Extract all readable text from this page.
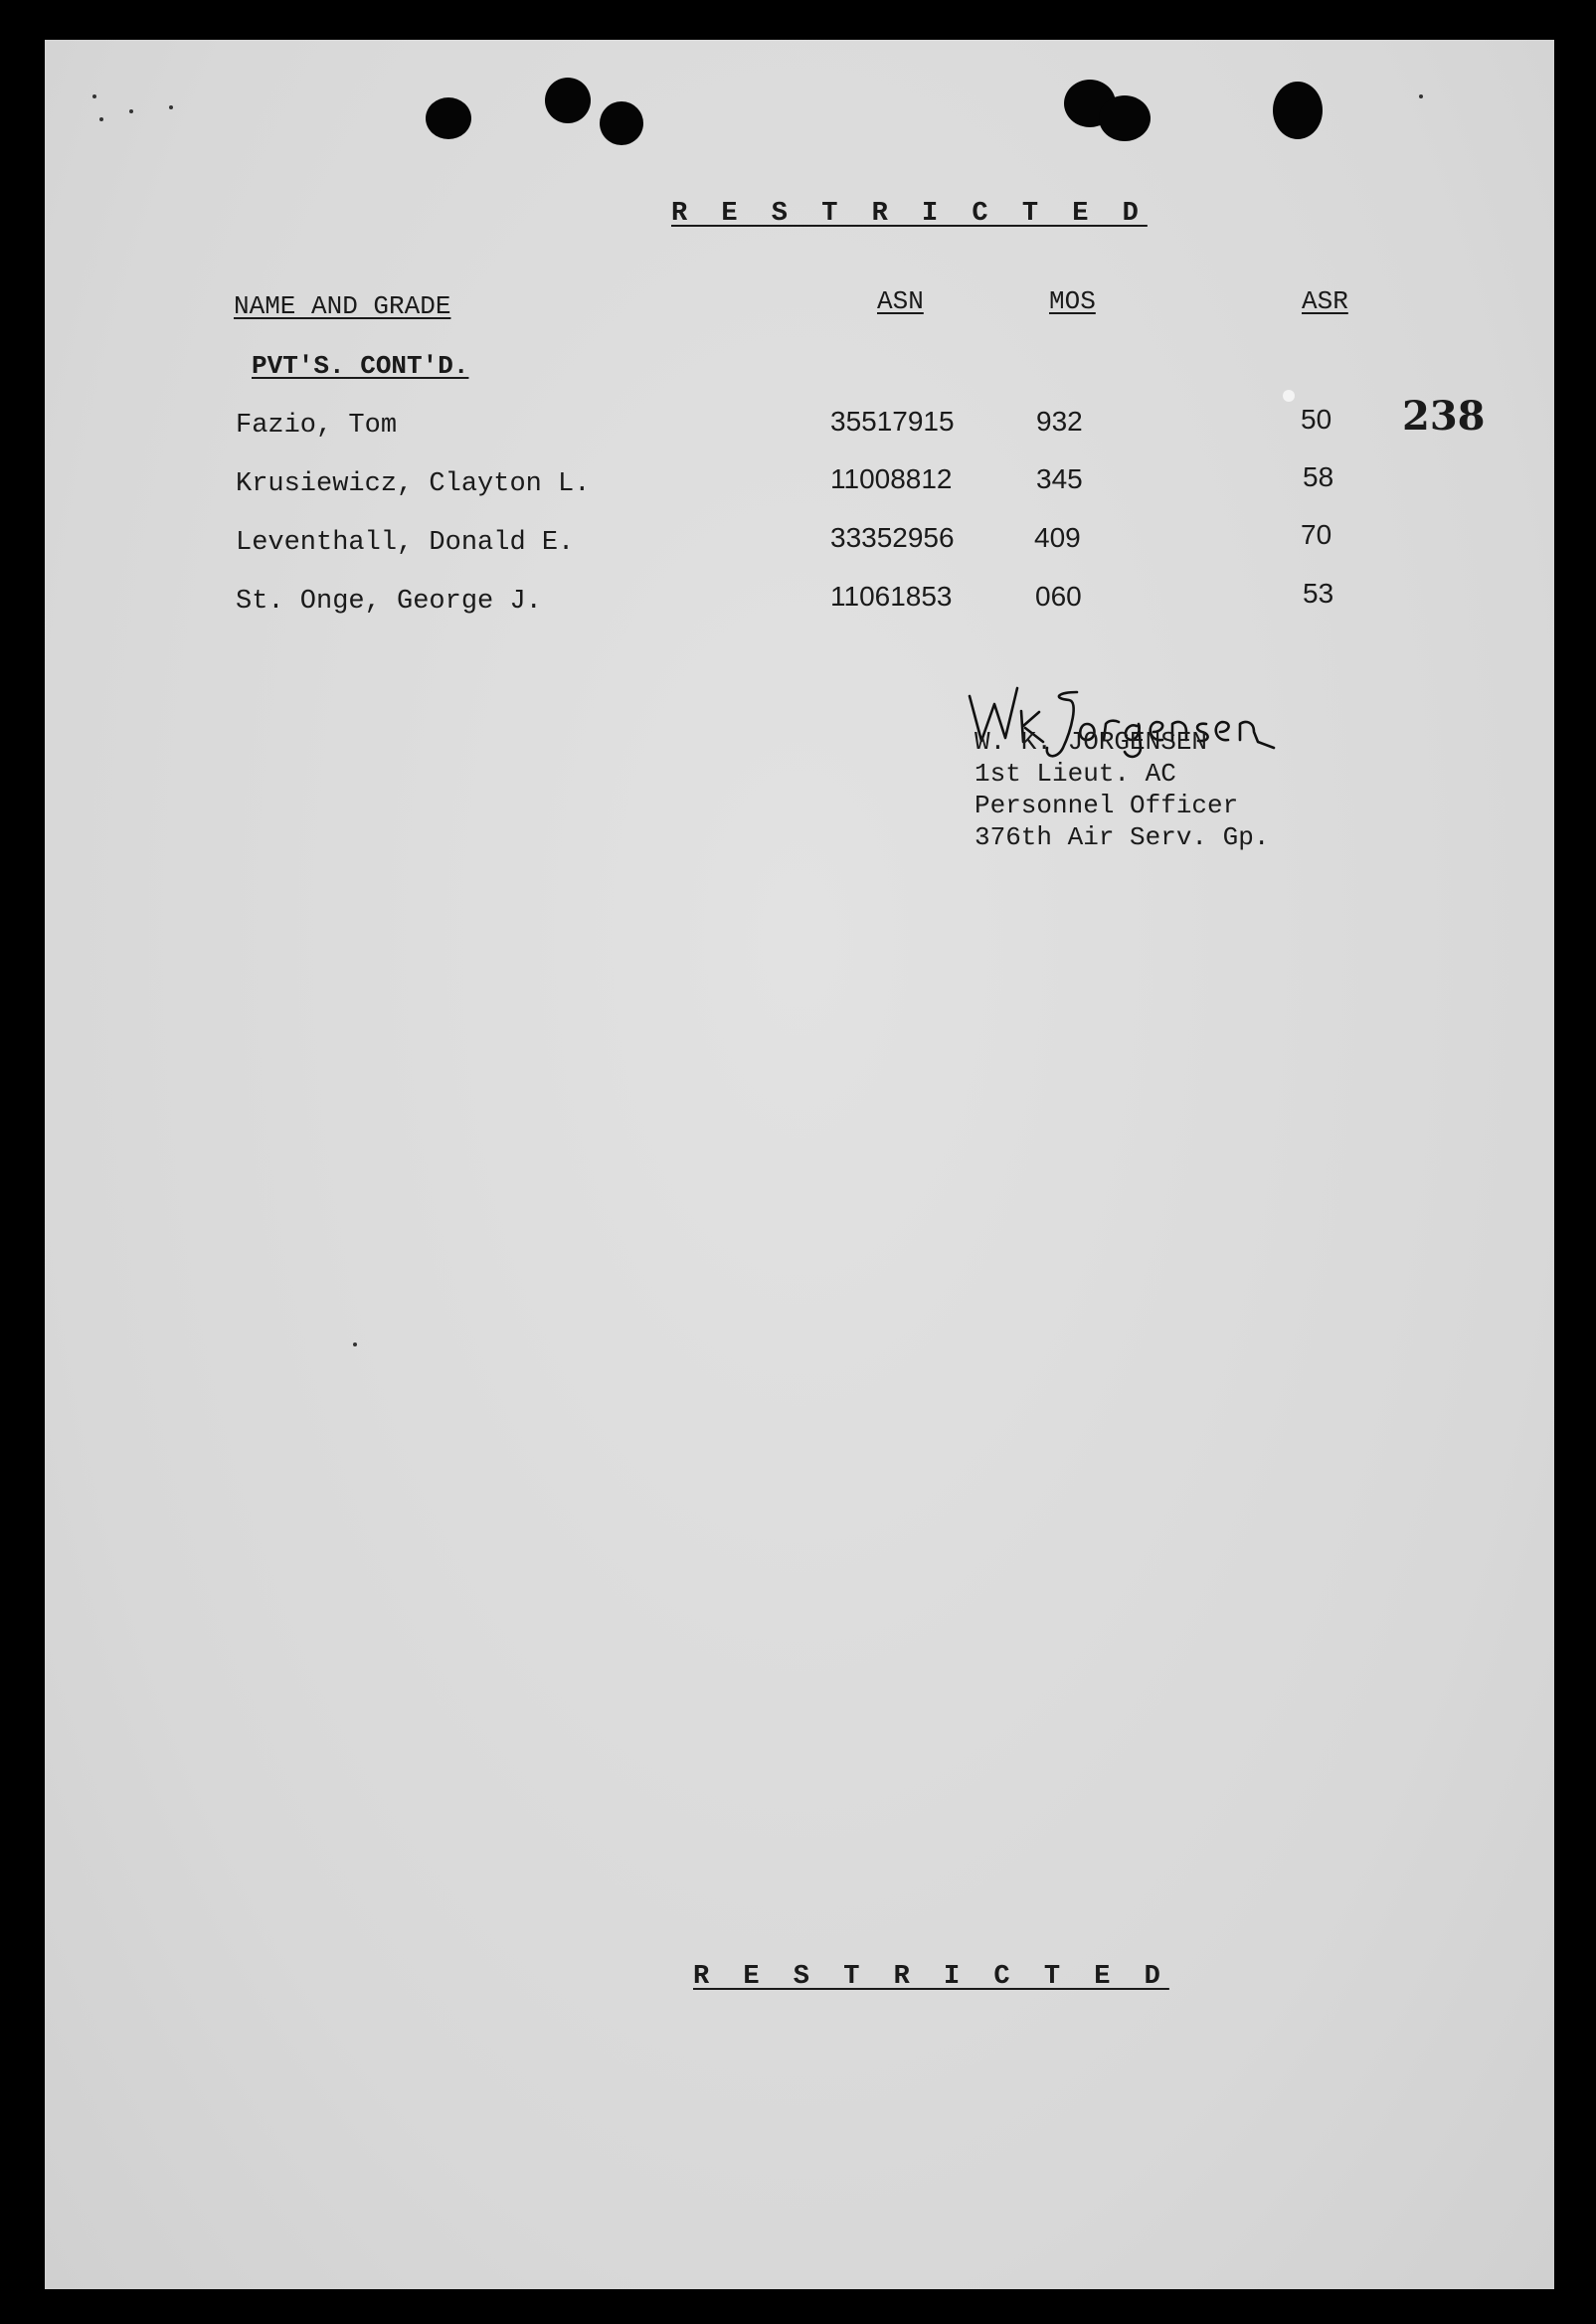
R E S T R I C T E D
NAME AND GRADE	ASN	MOS	ASR
PVT'S. CONT'D.
Fazio, Tom	35517915	932	50
Krusiewicz, Clayton L.	11008812	345	58
Leventhall, Donald E.	33352956	409	70
St. Onge, George J.	11061853	060	53
238
W. K. JORGENSEN
1st Lieut. AC
Personnel Officer
376th Air Serv. Gp.
R E S T R I C T E D
